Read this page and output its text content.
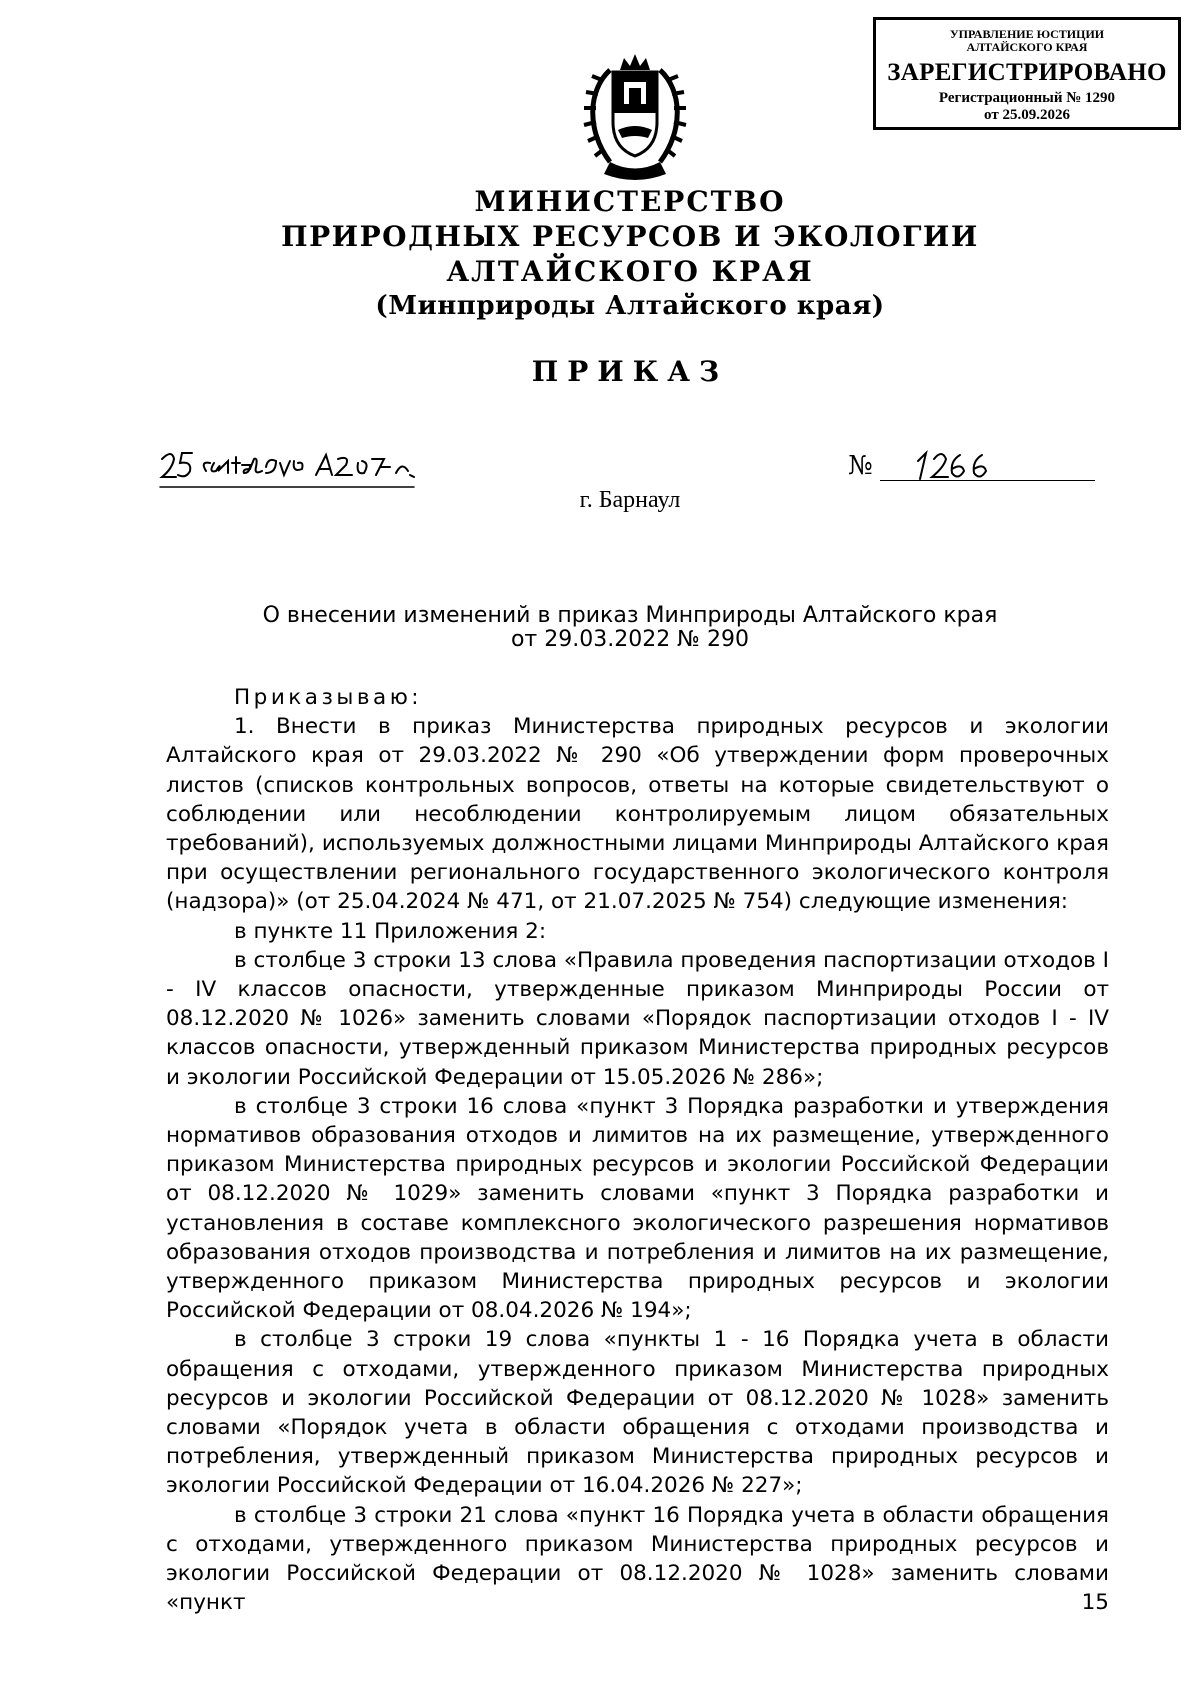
УПРАВЛЕНИЕ ЮСТИЦИИ
АЛТАЙСКОГО КРАЯ
ЗАРЕГИСТРИРОВАНО
Регистрационный № 1290
от 25.09.2026
МИНИСТЕРСТВО
ПРИРОДНЫХ РЕСУРСОВ И ЭКОЛОГИИ
АЛТАЙСКОГО КРАЯ
(Минприроды Алтайского края)
ПРИКАЗ
№
г. Барнаул
О внесении изменений в приказ Минприроды Алтайского края
от 29.03.2022 № 290

Приказываю:

1. Внести в приказ Министерства природных ресурсов и экологии Алтайского края от 29.03.2022 № 290 «Об утверждении форм проверочных листов (списков контрольных вопросов, ответы на которые свидетельствуют о соблюдении или несоблюдении контролируемым лицом обязательных требований), используемых должностными лицами Минприроды Алтайского края при осуществлении регионального государственного экологического контроля (надзора)» (от 25.04.2024 № 471, от 21.07.2025 № 754) следующие изменения:

в пункте 11 Приложения 2:

в столбце 3 строки 13 слова «Правила проведения паспортизации отходов I - IV классов опасности, утвержденные приказом Минприроды России от 08.12.2020 № 1026» заменить словами «Порядок паспортизации отходов I - IV классов опасности, утвержденный приказом Министерства природных ресурсов и экологии Российской Федерации от 15.05.2026 № 286»;

в столбце 3 строки 16 слова «пункт 3 Порядка разработки и утверждения нормативов образования отходов и лимитов на их размещение, утвержденного приказом Министерства природных ресурсов и экологии Российской Федерации от 08.12.2020 № 1029» заменить словами «пункт 3 Порядка разработки и установления в составе комплексного экологического разрешения нормативов образования отходов производства и потребления и лимитов на их размещение, утвержденного приказом Министерства природных ресурсов и экологии Российской Федерации от 08.04.2026 № 194»;

в столбце 3 строки 19 слова «пункты 1 - 16 Порядка учета в области обращения с отходами, утвержденного приказом Министерства природных ресурсов и экологии Российской Федерации от 08.12.2020 № 1028» заменить словами «Порядок учета в области обращения с отходами производства и потребления, утвержденный приказом Министерства природных ресурсов и экологии Российской Федерации от 16.04.2026 № 227»;

в столбце 3 строки 21 слова «пункт 16 Порядка учета в области обращения с отходами, утвержденного приказом Министерства природных ресурсов и экологии Российской Федерации от 08.12.2020 № 1028» заменить словами «пункт 15
